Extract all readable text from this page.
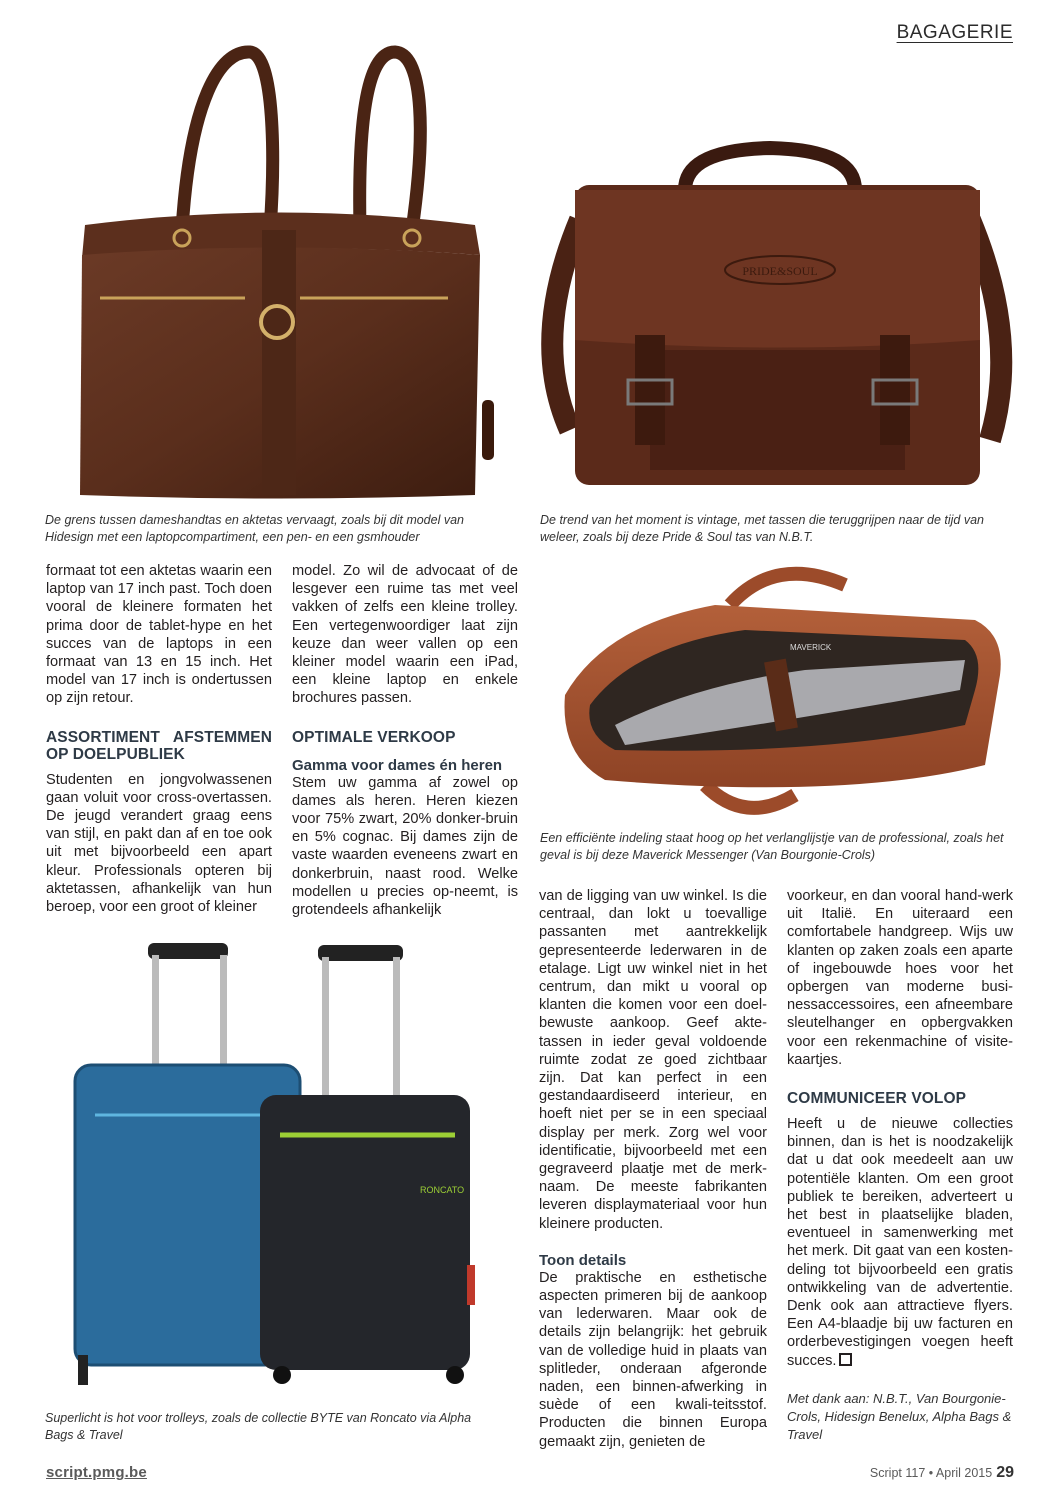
BAGAGERIE
PRIDE&SOUL
De grens tussen dameshandtas en aktetas vervaagt, zoals bij dit model van Hidesign met een laptopcompartiment, een pen- en een gsmhouder
De trend van het moment is vintage, met tassen die teruggrijpen naar de tijd van weleer, zoals bij deze Pride & Soul tas van N.B.T.
MAVERICK
Een efficiënte indeling staat hoog op het verlanglijstje van de professional, zoals het geval is bij deze Maverick Messenger (Van Bourgonie-Crols)

formaat tot een aktetas waarin een laptop van 17 inch past. Toch doen vooral de kleinere formaten het prima door de tablet-hype en het succes van de laptops in een formaat van 13 en 15 inch. Het model van 17 inch is ondertussen op zijn retour.

ASSORTIMENT AFSTEMMEN OP DOELPUBLIEK

Studenten en jongvolwassenen gaan voluit voor cross-overtassen. De jeugd verandert graag eens van stijl, en pakt dan af en toe ook uit met bijvoorbeeld een apart kleur. Professionals opteren bij aktetassen, afhankelijk van hun beroep, voor een groot of kleiner

model. Zo wil de advocaat of de lesgever een ruime tas met veel vakken of zelfs een kleine trolley. Een vertegenwoordiger laat zijn keuze dan weer vallen op een kleiner model waarin een iPad, een kleine laptop en enkele brochures passen.

OPTIMALE VERKOOP
Gamma voor dames én heren

Stem uw gamma af zowel op dames als heren. Heren kiezen voor 75% zwart, 20% donker-bruin en 5% cognac. Bij dames zijn de vaste waarden eveneens zwart en donkerbruin, naast rood. Welke modellen u precies op-neemt, is grotendeels afhankelijk

RONCATO
Superlicht is hot voor trolleys, zoals de collectie BYTE van Roncato via Alpha Bags & Travel

van de ligging van uw winkel. Is die centraal, dan lokt u toevallige passanten met aantrekkelijk gepresenteerde lederwaren in de etalage. Ligt uw winkel niet in het centrum, dan mikt u vooral op klanten die komen voor een doel-bewuste aankoop. Geef akte-tassen in ieder geval voldoende ruimte zodat ze goed zichtbaar zijn. Dat kan perfect in een gestandaardiseerd interieur, en hoeft niet per se in een speciaal display per merk. Zorg wel voor identificatie, bijvoorbeeld met een gegraveerd plaatje met de merk-naam. De meeste fabrikanten leveren displaymateriaal voor hun kleinere producten.

Toon details

De praktische en esthetische aspecten primeren bij de aankoop van lederwaren. Maar ook de details zijn belangrijk: het gebruik van de volledige huid in plaats van splitleder, onderaan afgeronde naden, een binnen-afwerking in suède of een kwali-teitsstof. Producten die binnen Europa gemaakt zijn, genieten de

voorkeur, en dan vooral hand-werk uit Italië. En uiteraard een comfortabele handgreep. Wijs uw klanten op zaken zoals een aparte of ingebouwde hoes voor het opbergen van moderne busi-nessaccessoires, een afneembare sleutelhanger en opbergvakken voor een rekenmachine of visite-kaartjes.

COMMUNICEER VOLOP

Heeft u de nieuwe collecties binnen, dan is het is noodzakelijk dat u dat ook meedeelt aan uw potentiële klanten. Om een groot publiek te bereiken, adverteert u het best in plaatselijke bladen, eventueel in samenwerking met het merk. Dit gaat van een kosten-deling tot bijvoorbeeld een gratis ontwikkeling van de advertentie. Denk ook aan attractieve flyers. Een A4-blaadje bij uw facturen en orderbevestigingen voegen heeft succes.

Met dank aan: N.B.T., Van Bourgonie-Crols, Hidesign Benelux, Alpha Bags & Travel

script.pmg.be	Script 117 • April 2015 29
